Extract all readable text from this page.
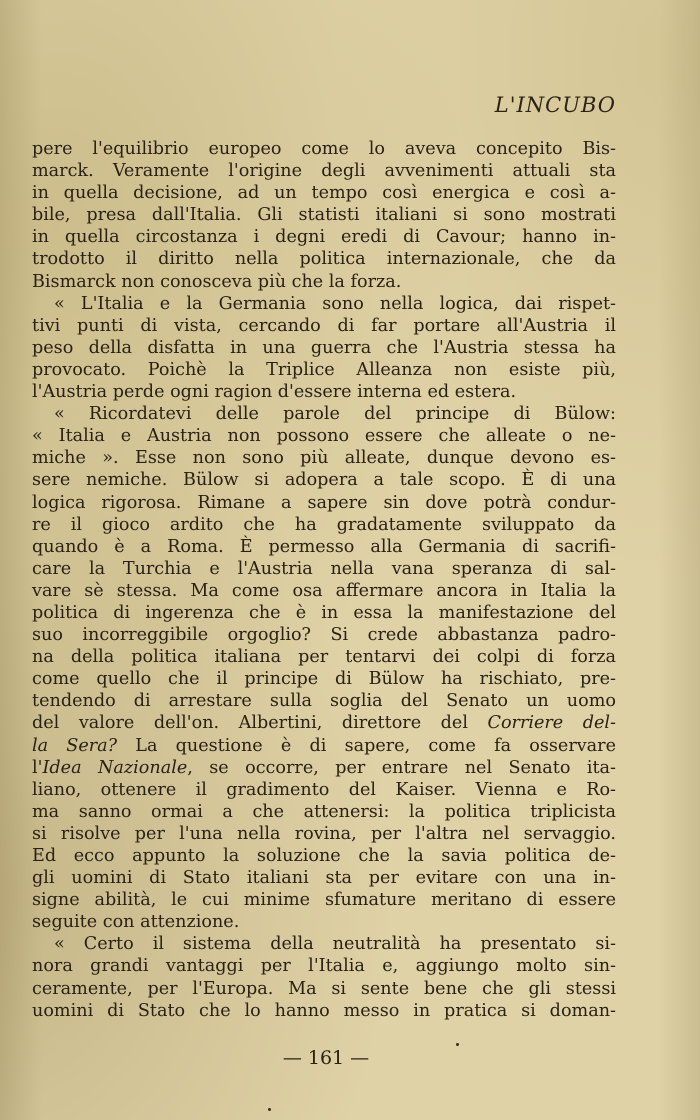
L'INCUBO
pere l'equilibrio europeo come lo aveva concepito Bis-
marck. Veramente l'origine degli avvenimenti attuali sta
in quella decisione, ad un tempo così energica e così a-
bile, presa dall'Italia. Gli statisti italiani si sono mostrati
in quella circostanza i degni eredi di Cavour; hanno in-
trodotto il diritto nella politica internazionale, che da
Bismarck non conosceva più che la forza.
« L'Italia e la Germania sono nella logica, dai rispet-
tivi punti di vista, cercando di far portare all'Austria il
peso della disfatta in una guerra che l'Austria stessa ha
provocato. Poichè la Triplice Alleanza non esiste più,
l'Austria perde ogni ragion d'essere interna ed estera.
« Ricordatevi delle parole del principe di Bülow:
« Italia e Austria non possono essere che alleate o ne-
miche ». Esse non sono più alleate, dunque devono es-
sere nemiche. Bülow si adopera a tale scopo. È di una
logica rigorosa. Rimane a sapere sin dove potrà condur-
re il gioco ardito che ha gradatamente sviluppato da
quando è a Roma. È permesso alla Germania di sacrifi-
care la Turchia e l'Austria nella vana speranza di sal-
vare sè stessa. Ma come osa affermare ancora in Italia la
politica di ingerenza che è in essa la manifestazione del
suo incorreggibile orgoglio? Si crede abbastanza padro-
na della politica italiana per tentarvi dei colpi di forza
come quello che il principe di Bülow ha rischiato, pre-
tendendo di arrestare sulla soglia del Senato un uomo
del valore dell'on. Albertini, direttore del Corriere del-
la Sera? La questione è di sapere, come fa osservare
l'Idea Nazionale, se occorre, per entrare nel Senato ita-
liano, ottenere il gradimento del Kaiser. Vienna e Ro-
ma sanno ormai a che attenersi: la politica triplicista
si risolve per l'una nella rovina, per l'altra nel servaggio.
Ed ecco appunto la soluzione che la savia politica de-
gli uomini di Stato italiani sta per evitare con una in-
signe abilità, le cui minime sfumature meritano di essere
seguite con attenzione.
« Certo il sistema della neutralità ha presentato si-
nora grandi vantaggi per l'Italia e, aggiungo molto sin-
ceramente, per l'Europa. Ma si sente bene che gli stessi
uomini di Stato che lo hanno messo in pratica si doman-
— 161 —
